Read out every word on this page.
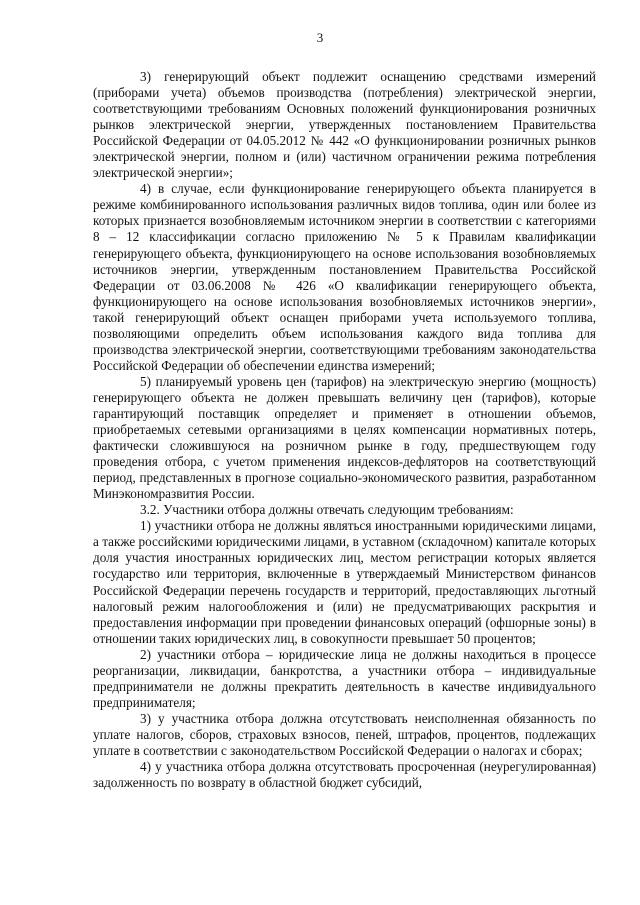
3

3) генерирующий объект подлежит оснащению средствами измерений (приборами учета) объемов производства (потребления) электрической энергии, соответствующими требованиям Основных положений функционирования розничных рынков электрической энергии, утвержденных постановлением Правительства Российской Федерации от 04.05.2012 № 442 «О функционировании розничных рынков электрической энергии, полном и (или) частичном ограничении режима потребления электрической энергии»;

4) в случае, если функционирование генерирующего объекта планируется в режиме комбинированного использования различных видов топлива, один или более из которых признается возобновляемым источником энергии в соответствии с категориями 8 – 12 классификации согласно приложению № 5 к Правилам квалификации генерирующего объекта, функционирующего на основе использования возобновляемых источников энергии, утвержденным постановлением Правительства Российской Федерации от 03.06.2008 № 426 «О квалификации генерирующего объекта, функционирующего на основе использования возобновляемых источников энергии», такой генерирующий объект оснащен приборами учета используемого топлива, позволяющими определить объем использования каждого вида топлива для производства электрической энергии, соответствующими требованиям законодательства Российской Федерации об обеспечении единства измерений;

5) планируемый уровень цен (тарифов) на электрическую энергию (мощность) генерирующего объекта не должен превышать величину цен (тарифов), которые гарантирующий поставщик определяет и применяет в отношении объемов, приобретаемых сетевыми организациями в целях компенсации нормативных потерь, фактически сложившуюся на розничном рынке в году, предшествующем году проведения отбора, с учетом применения индексов-дефляторов на соответствующий период, представленных в прогнозе социально-экономического развития, разработанном Минэкономразвития России.

3.2. Участники отбора должны отвечать следующим требованиям:

1) участники отбора не должны являться иностранными юридическими лицами, а также российскими юридическими лицами, в уставном (складочном) капитале которых доля участия иностранных юридических лиц, местом регистрации которых является государство или территория, включенные в утверждаемый Министерством финансов Российской Федерации перечень государств и территорий, предоставляющих льготный налоговый режим налогообложения и (или) не предусматривающих раскрытия и предоставления информации при проведении финансовых операций (офшорные зоны) в отношении таких юридических лиц, в совокупности превышает 50 процентов;

2) участники отбора – юридические лица не должны находиться в процессе реорганизации, ликвидации, банкротства, а участники отбора – индивидуальные предприниматели не должны прекратить деятельность в качестве индивидуального предпринимателя;

3) у участника отбора должна отсутствовать неисполненная обязанность по уплате налогов, сборов, страховых взносов, пеней, штрафов, процентов, подлежащих уплате в соответствии с законодательством Российской Федерации о налогах и сборах;

4) у участника отбора должна отсутствовать просроченная (неурегулированная) задолженность по возврату в областной бюджет субсидий,
